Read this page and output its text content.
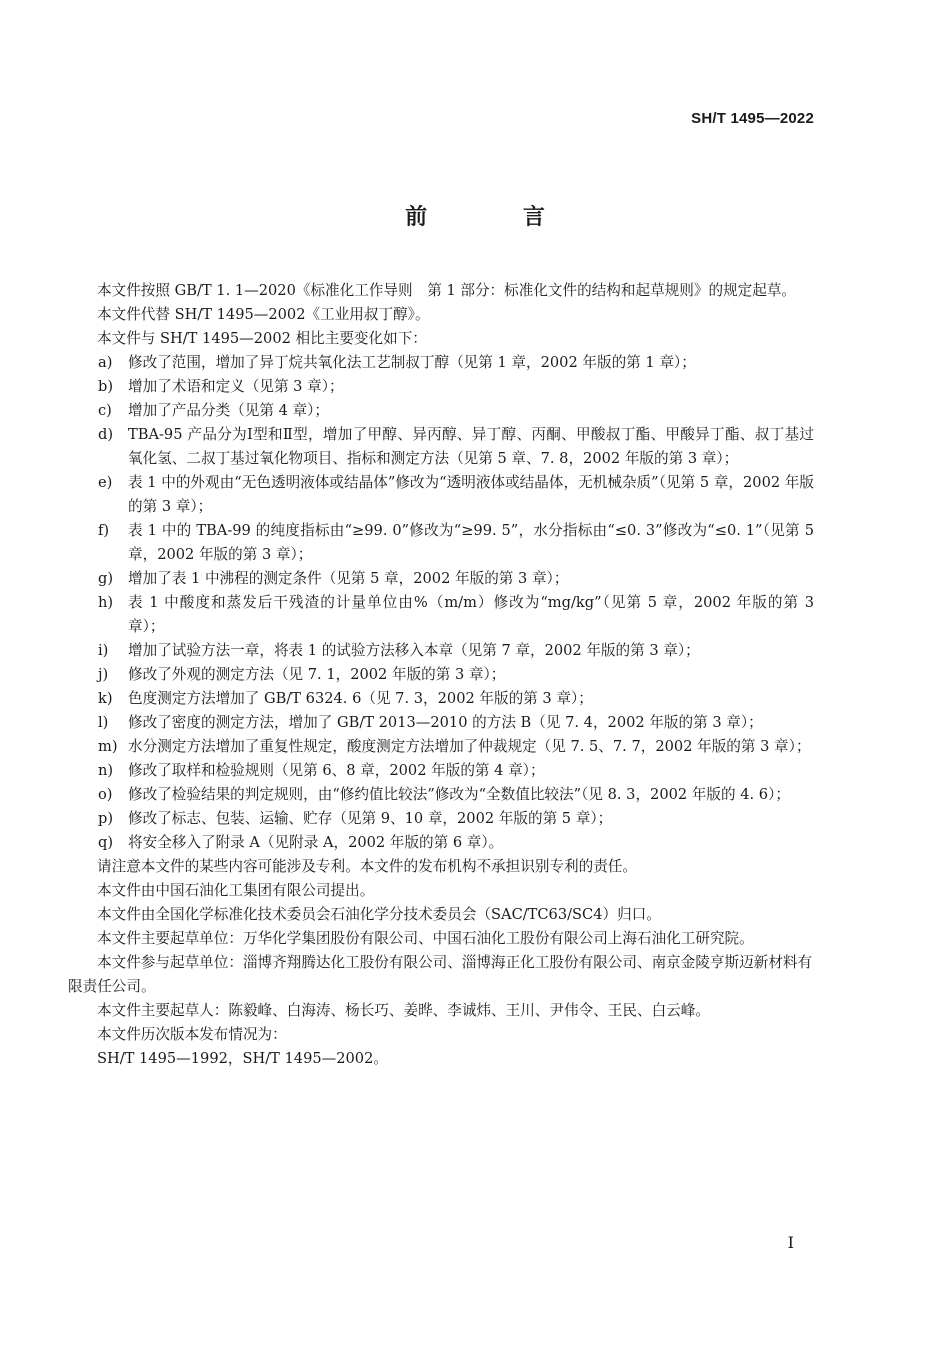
SH/T 1495—2022
前 言

本文件按照 GB/T 1. 1—2020《标准化工作导则　第 1 部分：标准化文件的结构和起草规则》的规定起草。

本文件代替 SH/T 1495—2002《工业用叔丁醇》。

本文件与 SH/T 1495—2002 相比主要变化如下：

a)	修改了范围，增加了异丁烷共氧化法工艺制叔丁醇（见第 1 章，2002 年版的第 1 章）；
b)	增加了术语和定义（见第 3 章）；
c)	增加了产品分类（见第 4 章）；
d)	TBA-95 产品分为Ⅰ型和Ⅱ型，增加了甲醇、异丙醇、异丁醇、丙酮、甲酸叔丁酯、甲酸异丁酯、叔丁基过氧化氢、二叔丁基过氧化物项目、指标和测定方法（见第 5 章、7. 8，2002 年版的第 3 章）；
e)	表 1 中的外观由“无色透明液体或结晶体”修改为“透明液体或结晶体，无机械杂质”（见第 5 章，2002 年版的第 3 章）；
f)	表 1 中的 TBA-99 的纯度指标由“≥99. 0”修改为“≥99. 5”，水分指标由“≤0. 3”修改为“≤0. 1”（见第 5 章，2002 年版的第 3 章）；
g)	增加了表 1 中沸程的测定条件（见第 5 章，2002 年版的第 3 章）；
h)	表 1 中酸度和蒸发后干残渣的计量单位由%（m/m）修改为“mg/kg”（见第 5 章，2002 年版的第 3 章）；
i)	增加了试验方法一章，将表 1 的试验方法移入本章（见第 7 章，2002 年版的第 3 章）；
j)	修改了外观的测定方法（见 7. 1，2002 年版的第 3 章）；
k)	色度测定方法增加了 GB/T 6324. 6（见 7. 3，2002 年版的第 3 章）；
l)	修改了密度的测定方法，增加了 GB/T 2013—2010 的方法 B（见 7. 4，2002 年版的第 3 章）；
m) 水分测定方法增加了重复性规定，酸度测定方法增加了仲裁规定（见 7. 5、7. 7，2002 年版的第 3 章）；
n)	修改了取样和检验规则（见第 6、8 章，2002 年版的第 4 章）；
o)	修改了检验结果的判定规则，由“修约值比较法”修改为“全数值比较法”（见 8. 3，2002 年版的 4. 6）；
p)	修改了标志、包装、运输、贮存（见第 9、10 章，2002 年版的第 5 章）；
q)	将安全移入了附录 A（见附录 A，2002 年版的第 6 章）。

请注意本文件的某些内容可能涉及专利。本文件的发布机构不承担识别专利的责任。

本文件由中国石油化工集团有限公司提出。

本文件由全国化学标准化技术委员会石油化学分技术委员会（SAC/TC63/SC4）归口。

本文件主要起草单位：万华化学集团股份有限公司、中国石油化工股份有限公司上海石油化工研究院。

本文件参与起草单位：淄博齐翔腾达化工股份有限公司、淄博海正化工股份有限公司、南京金陵亨斯迈新材料有限责任公司。

本文件主要起草人：陈毅峰、白海涛、杨长巧、姜晔、李诚炜、王川、尹伟令、王民、白云峰。

本文件历次版本发布情况为：

SH/T 1495—1992，SH/T 1495—2002。

I
